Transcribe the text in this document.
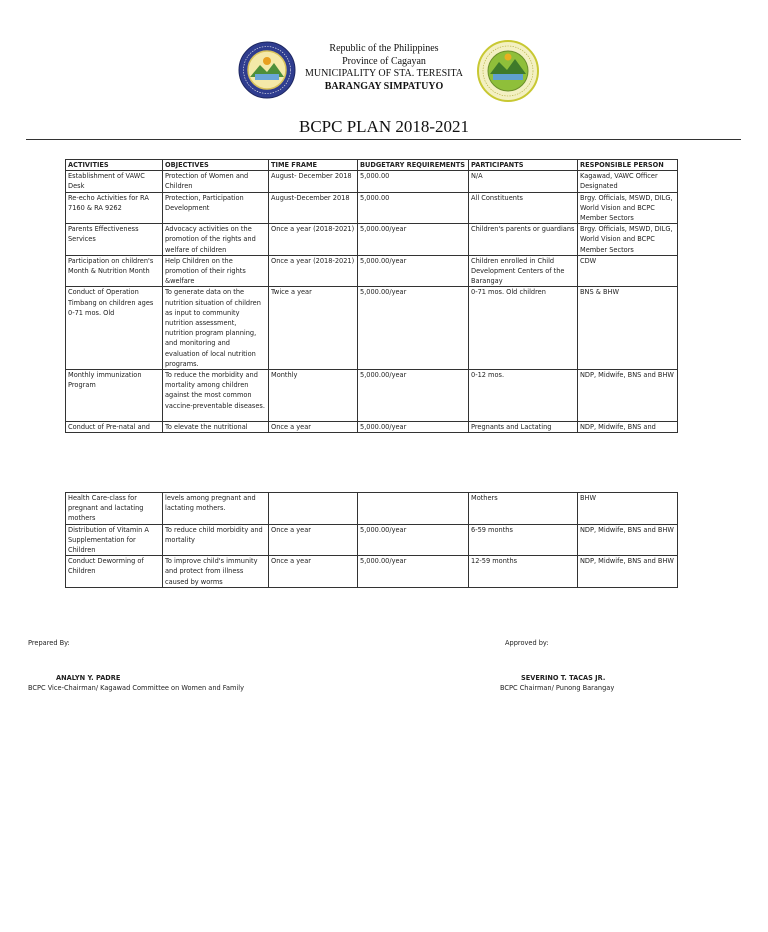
Republic of the Philippines
Province of Cagayan
MUNICIPALITY OF STA. TERESITA
BARANGAY SIMPATUYO
BCPC PLAN 2018-2021
ACTIVITIES	OBJECTIVES	TIME FRAME	BUDGETARY REQUIREMENTS	PARTICIPANTS	RESPONSIBLE PERSON
Establishment of VAWC Desk	Protection of Women and Children	August- December 2018	5,000.00	N/A	Kagawad, VAWC Officer Designated
Re-echo Activities for RA 7160 & RA 9262	Protection, Participation Development	August-December 2018	5,000.00	All Constituents	Brgy. Officials, MSWD, DILG, World Vision and BCPC Member Sectors
Parents Effectiveness Services	Advocacy activities on the promotion of the rights and welfare of children	Once a year (2018-2021)	5,000.00/year	Children's parents or guardians	Brgy. Officials, MSWD, DILG, World Vision and BCPC Member Sectors
Participation on children's Month & Nutrition Month	Help Children on the promotion of their rights &welfare	Once a year (2018-2021)	5,000.00/year	Children enrolled in Child Development Centers of the Barangay	CDW
Conduct of Operation Timbang on children ages 0-71 mos. Old	To generate data on the nutrition situation of children as input to community nutrition assessment, nutrition program planning, and monitoring and evaluation of local nutrition programs.	Twice a year	5,000.00/year	0-71 mos. Old children	BNS & BHW
Monthly immunization Program	To reduce the morbidity and mortality among children against the most common vaccine-preventable diseases.	Monthly	5,000.00/year	0-12 mos.	NDP, Midwife, BNS and BHW
Conduct of Pre-natal and	To elevate the nutritional	Once a year	5,000.00/year	Pregnants and Lactating	NDP, Midwife, BNS and
Health Care-class for pregnant and lactating mothers	levels among pregnant and lactating mothers.			Mothers	BHW
Distribution of Vitamin A Supplementation for Children	To reduce child morbidity and mortality	Once a year	5,000.00/year	6-59 months	NDP, Midwife, BNS and BHW
Conduct Deworming of Children	To improve child's immunity and protect from illness caused by worms	Once a year	5,000.00/year	12-59 months	NDP, Midwife, BNS and BHW
Prepared By:	Approved by:
ANALYN Y. PADRE
BCPC Vice-Chairman/ Kagawad Committee on Women and Family
SEVERINO T. TACAS JR.
BCPC Chairman/ Punong Barangay
